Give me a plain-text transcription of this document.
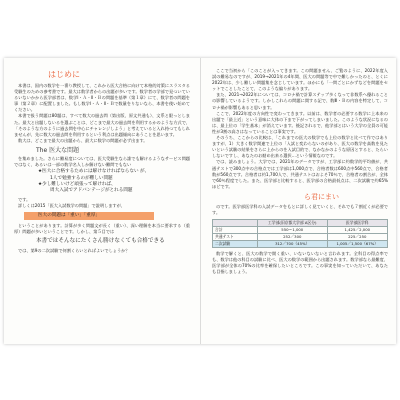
はじめに

本書は、国内の数学を一番り教授して、これから医大合格に向けて本格的対策にスラスタる受験生のための参考書です。最大は数学者からの出題が多いです。数学者の学部で見ついているいないかから医学部者は、数学Ⅰ・Ａ・Ⅱ・Ｂの問題を基準（第１章）にて、数学者の問題を事（第２章）に配置しました。もし数学Ⅰ・Ａ・Ⅱ・Ｂで数量をりないなら、本書を使い始めてください。

本書で扱う問題は80題は、すべて数大の過去問（第出版、原文共通も）、文系と限っとしまた。最大と出題しないるを選ぶことは、どこまで最大の過去問を利用するかのような方式で、「そのような方のように過去問を中心にチャレンジしよう」と考えていると入れ持つてもしれませんが、先に数大の過去問を利用するという利点は出題傾向にあうことを思います。

数大は、どこまで最大の出題から、最大に数学の問題が必ず出ます。

The 医大な問題

を集めました。さらに難易度については、医大受験生なら誰でも解けるようなサービス問題ではなく、あるいは一部の数学名人しか解けない難問でもない

★医大に合格するためには解けなければならない が、
1人で勉強するのが難しい問題
★少し難しいけど頑張って解ければ、
周大入試でアドバンテージがとれる問題

です。

詳しくは2015「医大入試数学の問題」で説明しますが、

医大の問題は「重い」「重厚」

ということがあります。計算が多く問題文が長く（重い）、深い理解を本当に要求する（重厚）問題が多いということです。しかし、第５目では

本書ではそんなにたくさん勝けなくても合格できる

では、第9の二次試験で何割くらいとればよいでしょうか？

ここで当初から「このことが入ってきます。この問題ません、ご覧のように、2022年度入試の難易なのですが、2019→2021年の4年間、医大の問題等で中で難しかったのと、とくに2022年は、少し難しい問題集を念じしています。ほかにも「一問ごとにかずなどを問題をセットでことしたことて、このような偏りがあります。

また、2021→2022年については、コロナ禍で計算ステップ多くなって非数系へ優れることの影響しているようです。しかしこれらの問題に関する記で、数Ⅲ・Ｂの内容を特定して、コロナ禍が影響もあると思います。

ここで、2022年度の方向性で変わってきます。以前は、数学者の必要する数学に上本来の出題で「最上近」という意味に大体の下まで下がってしまいました。このような状況になるのは、最上位の「学生基本」が消えています。後記されるで、他学部とはいう大学の全員の可能性が3割の高さはなっていることは事実です。

そのうち、ここからの比較は、「これまでの医大の数学でも上位の数学と比べて作ではありますが、1）大きく数学関連で上位の「入試と変わらないのがあり、医大の数学を高数を見たいという試験の結果をさらに上からのを入試目的で、なかなかのような原因とすると、たらいしないですし、あなたのお勧め出来る選択…という情報なのです。

では、読みましょう。大学では、2021年のデータですが、工学部に約数学的平均値が、共通テストで300点中の合格点では工学部は1,000点で、合格者数は600点中560点で、合格者数が560点です。合格者は約1,700人で、共通テストはおよそ70％で、合格者の割合が、全体で60％程度でした。また、医学部と比較すると、医学部の合格最低点は、二次試験で約65%ほどです。

ら君にまい

のです。医学部医学科の入試データをもとに詳しく見ていくと、それでも７割近くが必要です。

	工学部(旧京都大学部 A区分)	医学部医学科
合計	550～1,000	1,425／2,000
共通テスト	252／300	225／250
二次試験	312／700（45%）	1,005／1,500（67%）

数学で解くと、医大の数学で開く重い、いないないないと言われます。全科目の得点率でも、数学は他の科目の試験に比べ、医大の数学の範囲から出題されます。数学部なら最難度、医学部が全体の70%の比率を確保したいところです。この事実を知っていただいて、あなたも目指しましょう。
